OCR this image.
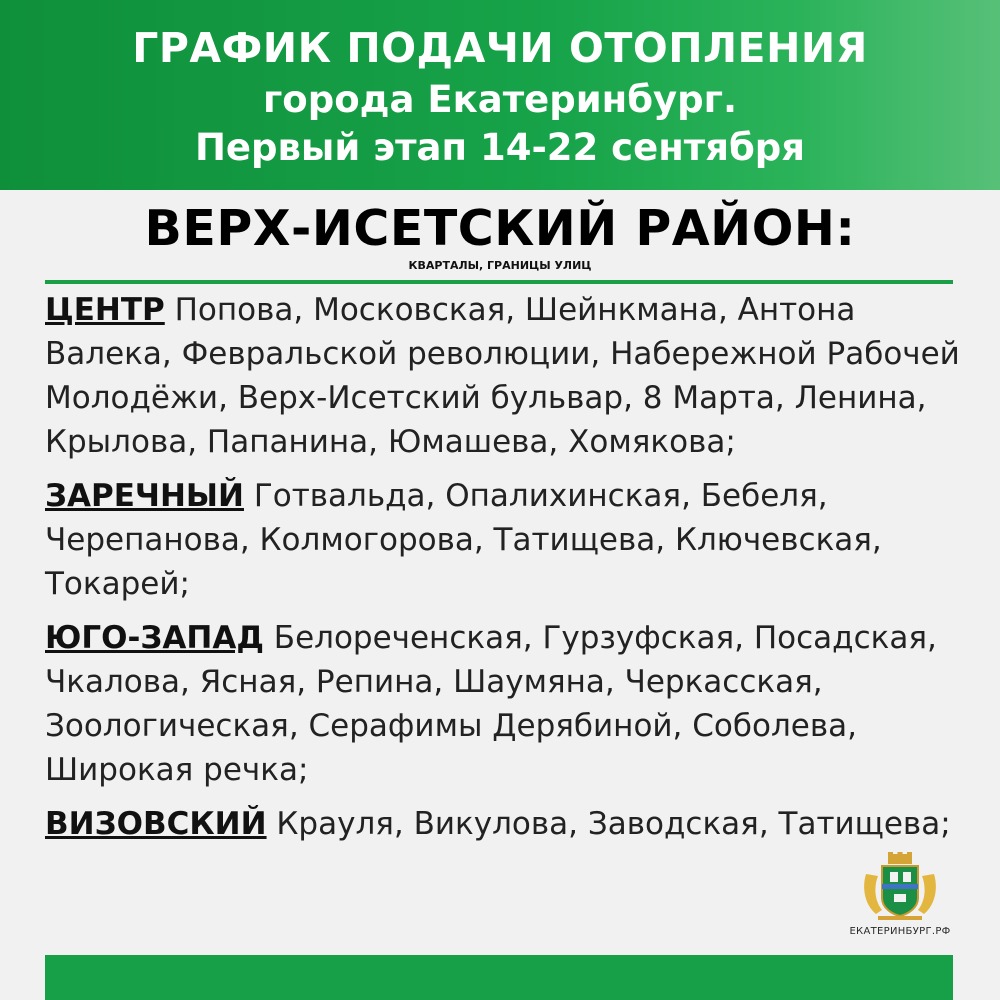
ГРАФИК ПОДАЧИ ОТОПЛЕНИЯ
города Екатеринбург.
Первый этап 14-22 сентября
ВЕРХ-ИСЕТСКИЙ РАЙОН:
КВАРТАЛЫ, ГРАНИЦЫ УЛИЦ
ЦЕНТР Попова, Московская, Шейнкмана, Антона Валека, Февральской революции, Набережной Рабочей Молодёжи, Верх-Исетский бульвар, 8 Марта, Ленина, Крылова, Папанина, Юмашева, Хомякова;
ЗАРЕЧНЫЙ Готвальда, Опалихинская, Бебеля, Черепанова, Колмогорова, Татищева, Ключевская, Токарей;
ЮГО-ЗАПАД Белореченская, Гурзуфская, Посадская, Чкалова, Ясная, Репина, Шаумяна, Черкасская, Зоологическая, Серафимы Дерябиной, Соболева, Широкая речка;
ВИЗОВСКИЙ Крауля, Викулова, Заводская, Татищева;
ЕКАТЕРИНБУРГ.РФ
